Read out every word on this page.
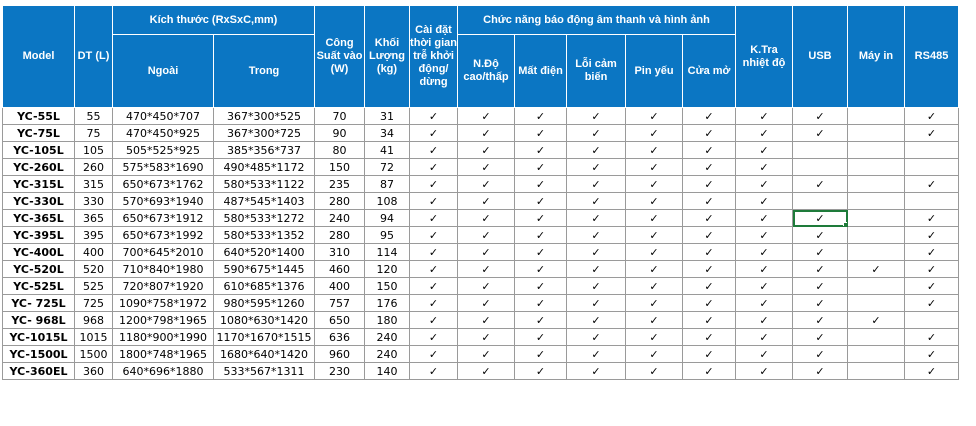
Model	DT (L)	Kích thước (RxSxC,mm)		Công Suất vào (W)	Khối Lượng (kg)	Cài đặt thời gian trễ khởi động/ dừng	Chức năng báo động âm thanh và hình ảnh					K.Tra nhiệt độ	USB	Máy in	RS485
		Ngoài	Trong				N.Độ cao/thấp	Mất điện	Lỗi cảm biến	Pin yếu	Cửa mở				
YC-55L	55	470*450*707	367*300*525	70	31	✓	✓	✓	✓	✓	✓	✓	✓		✓
YC-75L	75	470*450*925	367*300*725	90	34	✓	✓	✓	✓	✓	✓	✓	✓		✓
YC-105L	105	505*525*925	385*356*737	80	41	✓	✓	✓	✓	✓	✓	✓			
YC-260L	260	575*583*1690	490*485*1172	150	72	✓	✓	✓	✓	✓	✓	✓			
YC-315L	315	650*673*1762	580*533*1122	235	87	✓	✓	✓	✓	✓	✓	✓	✓		✓
YC-330L	330	570*693*1940	487*545*1403	280	108	✓	✓	✓	✓	✓	✓	✓			
YC-365L	365	650*673*1912	580*533*1272	240	94	✓	✓	✓	✓	✓	✓	✓	✓		✓
YC-395L	395	650*673*1992	580*533*1352	280	95	✓	✓	✓	✓	✓	✓	✓	✓		✓
YC-400L	400	700*645*2010	640*520*1400	310	114	✓	✓	✓	✓	✓	✓	✓	✓		✓
YC-520L	520	710*840*1980	590*675*1445	460	120	✓	✓	✓	✓	✓	✓	✓	✓	✓	✓
YC-525L	525	720*807*1920	610*685*1376	400	150	✓	✓	✓	✓	✓	✓	✓	✓		✓
YC- 725L	725	1090*758*1972	980*595*1260	757	176	✓	✓	✓	✓	✓	✓	✓	✓		✓
YC- 968L	968	1200*798*1965	1080*630*1420	650	180	✓	✓	✓	✓	✓	✓	✓	✓	✓	
YC-1015L	1015	1180*900*1990	1170*1670*1515	636	240	✓	✓	✓	✓	✓	✓	✓	✓		✓
YC-1500L	1500	1800*748*1965	1680*640*1420	960	240	✓	✓	✓	✓	✓	✓	✓	✓		✓
YC-360EL	360	640*696*1880	533*567*1311	230	140	✓	✓	✓	✓	✓	✓	✓	✓		✓
